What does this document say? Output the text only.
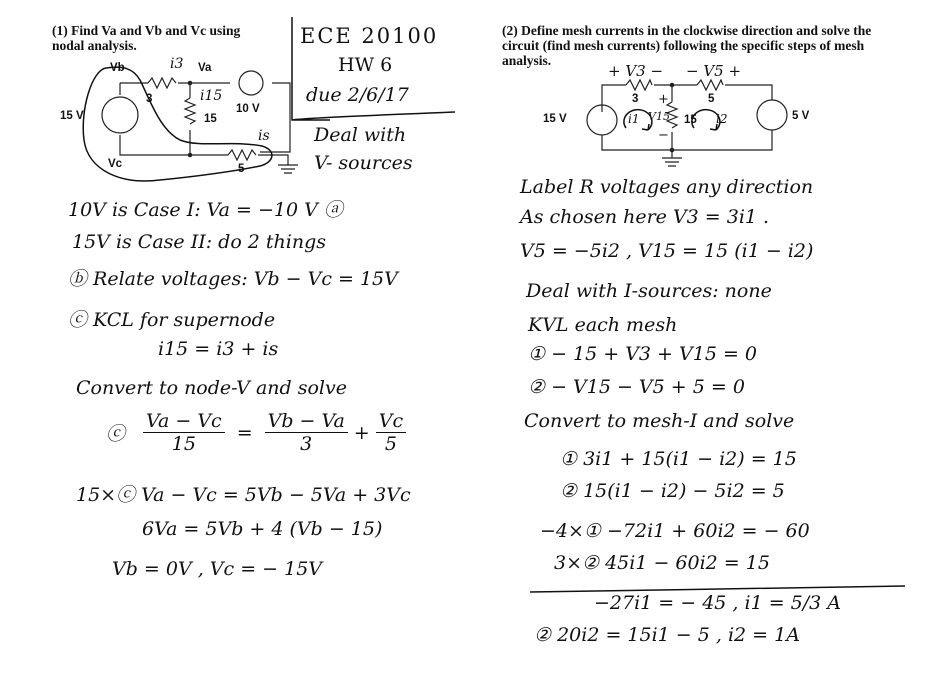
(1) Find Va and Vb and Vc using
nodal analysis.
Vb	Va
Vc
3
15
5
15 V
10 V
i3
i15
is
ECE 20100
HW 6
due 2/6/17
Deal with
V- sources
10V is Case I: Va = −10 V ⓐ
15V is Case II: do 2 things
ⓑ Relate voltages: Vb − Vc = 15V
ⓒ KCL for supernode
i15 = i3 + is
Convert to node-V and solve
ⓒ $\frac{Va - Vc}{15} = \frac{Vb - Va}{3} + \frac{Vc}{5}$
15×ⓒ Va − Vc = 5Vb − 5Va + 3Vc
6Va = 5Vb + 4 (Vb − 15)
Vb = 0V , Vc = − 15V
(2) Define mesh currents in the clockwise direction and solve the
circuit (find mesh currents) following the specific steps of mesh
analysis.
+ V3 − − V5 +
3	5
15
15 V	5 V
V15
+
−
i1	i2
Label R voltages any direction
As chosen here V3 = 3i1 .
V5 = −5i2 , V15 = 15 (i1 − i2)
Deal with I-sources: none
KVL each mesh
① − 15 + V3 + V15 = 0
② − V15 − V5 + 5 = 0
Convert to mesh-I and solve
① 3i1 + 15(i1 − i2) = 15
② 15(i1 − i2) − 5i2 = 5
−4×① −72i1 + 60i2 = − 60
3×② 45i1 − 60i2 = 15
−27i1 = − 45 , i1 = 5/3 A
② 20i2 = 15i1 − 5 , i2 = 1A
